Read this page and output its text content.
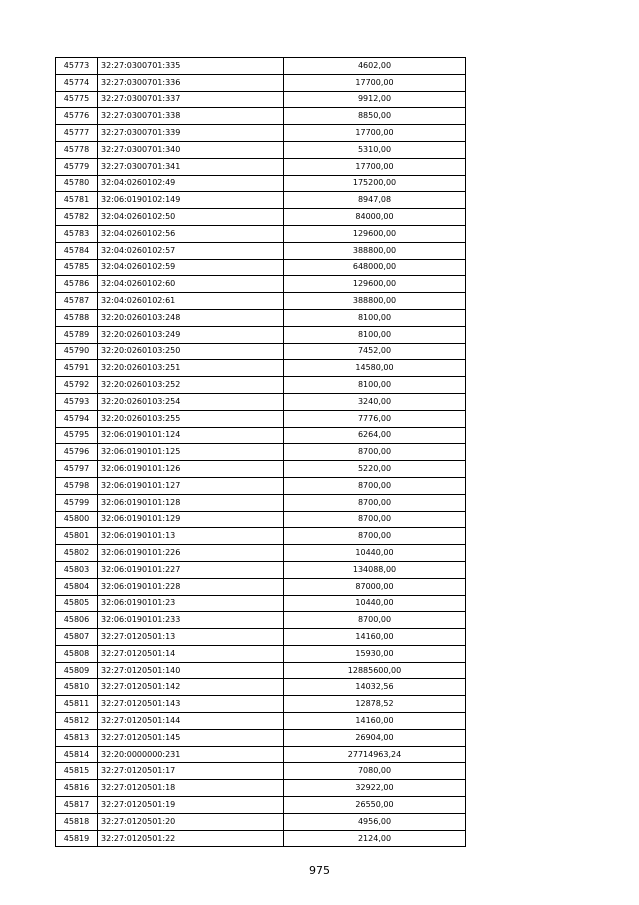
45773	32:27:0300701:335	4602,00
45774	32:27:0300701:336	17700,00
45775	32:27:0300701:337	9912,00
45776	32:27:0300701:338	8850,00
45777	32:27:0300701:339	17700,00
45778	32:27:0300701:340	5310,00
45779	32:27:0300701:341	17700,00
45780	32:04:0260102:49	175200,00
45781	32:06:0190102:149	8947,08
45782	32:04:0260102:50	84000,00
45783	32:04:0260102:56	129600,00
45784	32:04:0260102:57	388800,00
45785	32:04:0260102:59	648000,00
45786	32:04:0260102:60	129600,00
45787	32:04:0260102:61	388800,00
45788	32:20:0260103:248	8100,00
45789	32:20:0260103:249	8100,00
45790	32:20:0260103:250	7452,00
45791	32:20:0260103:251	14580,00
45792	32:20:0260103:252	8100,00
45793	32:20:0260103:254	3240,00
45794	32:20:0260103:255	7776,00
45795	32:06:0190101:124	6264,00
45796	32:06:0190101:125	8700,00
45797	32:06:0190101:126	5220,00
45798	32:06:0190101:127	8700,00
45799	32:06:0190101:128	8700,00
45800	32:06:0190101:129	8700,00
45801	32:06:0190101:13	8700,00
45802	32:06:0190101:226	10440,00
45803	32:06:0190101:227	134088,00
45804	32:06:0190101:228	87000,00
45805	32:06:0190101:23	10440,00
45806	32:06:0190101:233	8700,00
45807	32:27:0120501:13	14160,00
45808	32:27:0120501:14	15930,00
45809	32:27:0120501:140	12885600,00
45810	32:27:0120501:142	14032,56
45811	32:27:0120501:143	12878,52
45812	32:27:0120501:144	14160,00
45813	32:27:0120501:145	26904,00
45814	32:20:0000000:231	27714963,24
45815	32:27:0120501:17	7080,00
45816	32:27:0120501:18	32922,00
45817	32:27:0120501:19	26550,00
45818	32:27:0120501:20	4956,00
45819	32:27:0120501:22	2124,00
975
